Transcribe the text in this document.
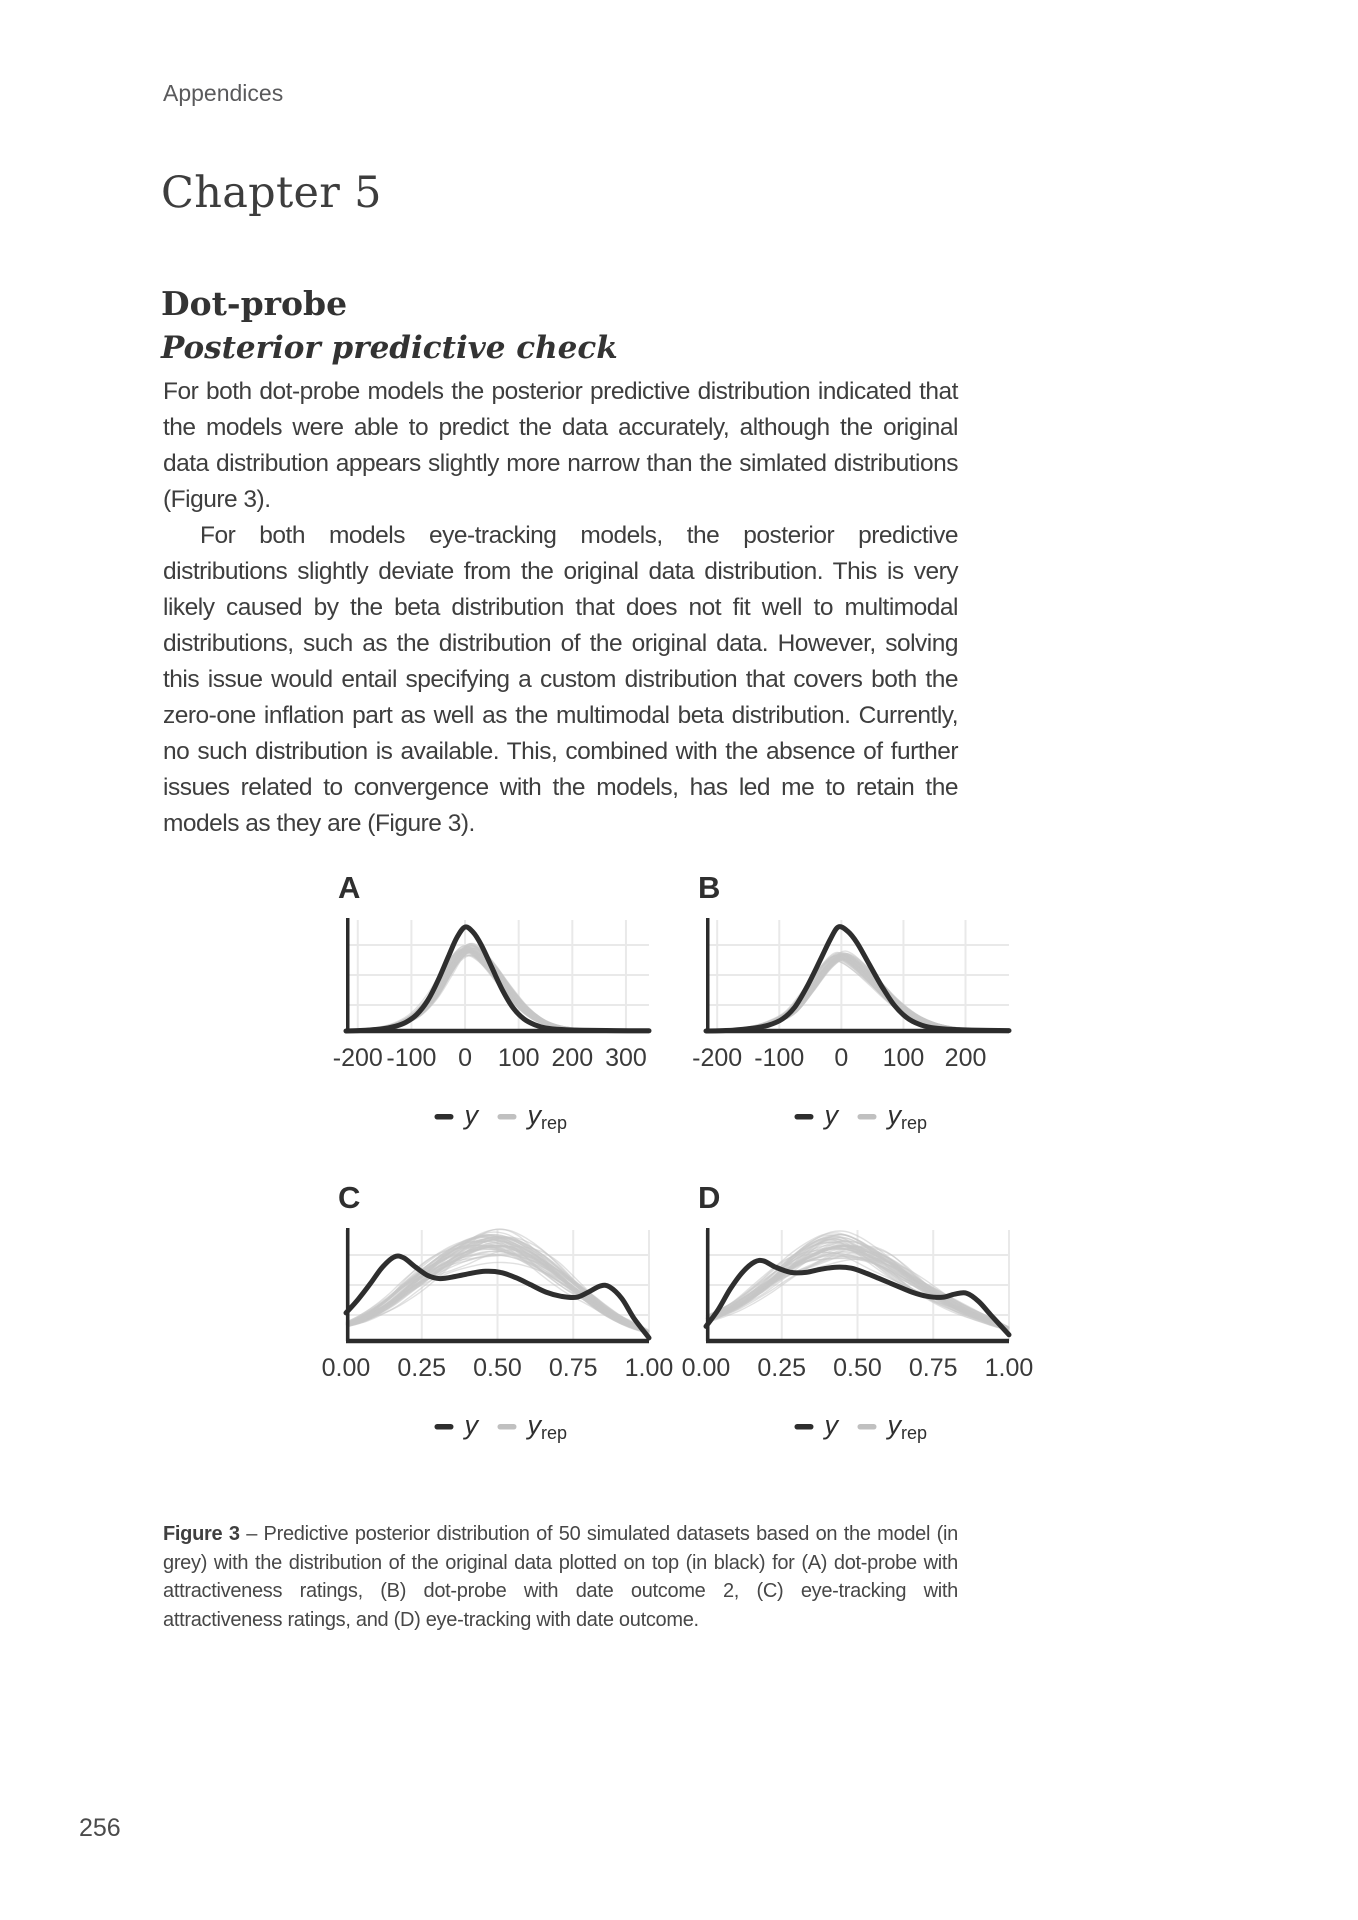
Appendices
Chapter 5
Dot-probe
Posterior predictive check

For both dot-probe models the posterior predictive distribution indicated that the models were able to predict the data accurately, although the original data distribution appears slightly more narrow than the simlated distributions (Figure 3).

For both models eye-tracking models, the posterior predictive distributions slightly deviate from the original data distribution. This is very likely caused by the beta distribution that does not fit well to multimodal distributions, such as the distribution of the original data. However, solving this issue would entail specifying a custom distribution that covers both the zero-one inflation part as well as the multimodal beta distribution. Currently, no such distribution is available. This, combined with the absence of further issues related to convergence with the models, has led me to retain the models as they are (Figure 3).

A
-200 -100 0 100 200 300
y yrep
B
-200 -100 0 100 200
y yrep
C
0.00 0.25 0.50 0.75 1.00
y yrep
D
0.00 0.25 0.50 0.75 1.00
y yrep

Figure 3 – Predictive posterior distribution of 50 simulated datasets based on the model (in grey) with the distribution of the original data plotted on top (in black) for (A) dot-probe with attractiveness ratings, (B) dot-probe with date outcome 2, (C) eye-tracking with attractiveness ratings, and (D) eye-tracking with date outcome.

256
